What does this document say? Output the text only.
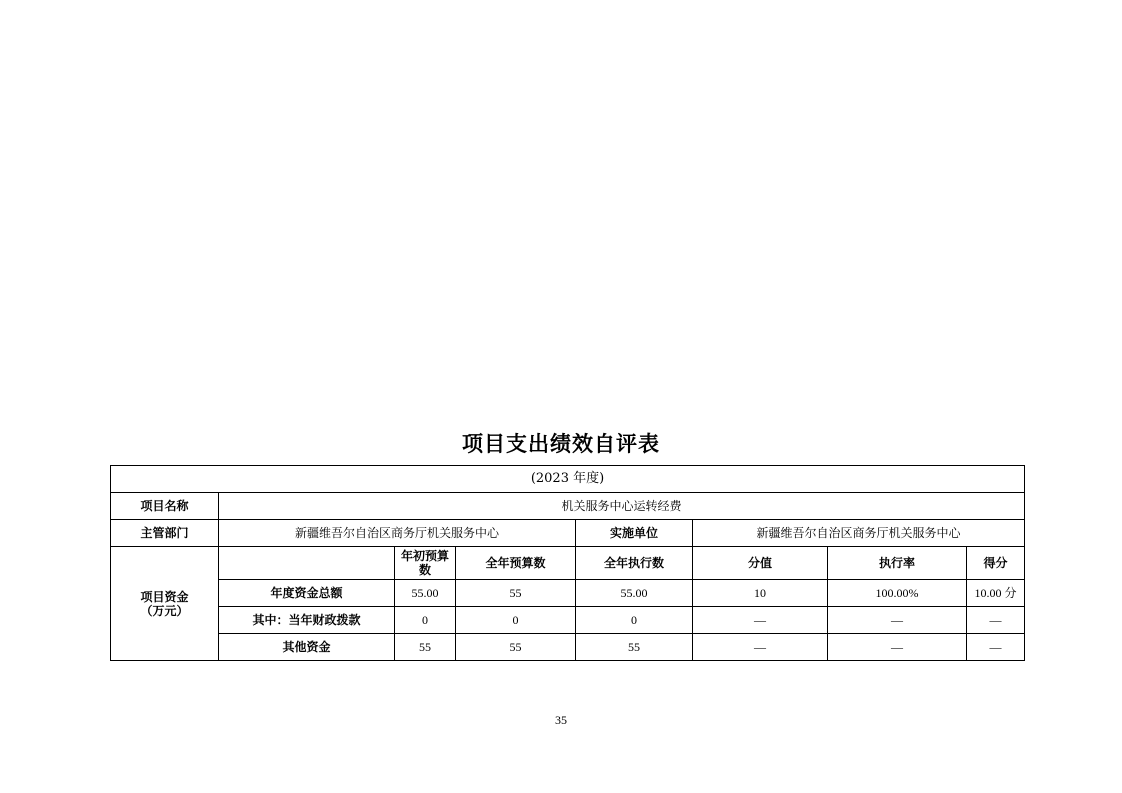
项目支出绩效自评表
(2023 年度)							
项目名称	机关服务中心运转经费						
主管部门	新疆维吾尔自治区商务厅机关服务中心			实施单位	新疆维吾尔自治区商务厅机关服务中心		
项目资金
（万元）		年初预算数	全年预算数	全年执行数	分值	执行率	得分
	年度资金总额	55.00	55	55.00	10	100.00%	10.00 分
	其中：当年财政拨款	0	0	0	—	—	—
	其他资金	55	55	55	—	—	—
35
